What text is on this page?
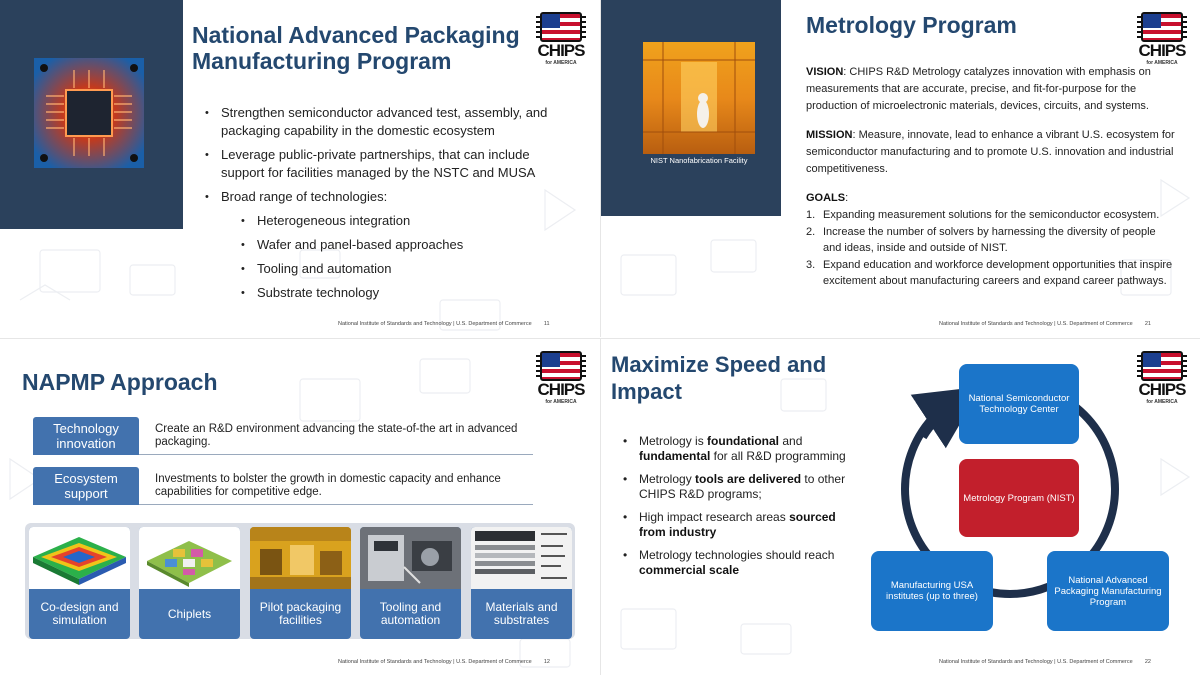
National Advanced Packaging Manufacturing Program	CHIPS
for AMERICA
• Strengthen semiconductor advanced test, assembly, and packaging capability in the domestic ecosystem
• Leverage public-private partnerships, that can include support for facilities managed by the NSTC and MUSA
• Broad range of technologies:
• Heterogeneous integration
• Wafer and panel-based approaches
• Tooling and automation
• Substrate technology
National Institute of Standards and Technology | U.S. Department of Commerce 11
NIST Nanofabrication Facility
Metrology Program
CHIPS
for AMERICA

VISION: CHIPS R&D Metrology catalyzes innovation with emphasis on measurements that are accurate, precise, and fit-for-purpose for the production of microelectronic materials, devices, circuits, and systems.

MISSION: Measure, innovate, lead to enhance a vibrant U.S. ecosystem for semiconductor manufacturing and to promote U.S. innovation and industrial competitiveness.

GOALS:
1. Expanding measurement solutions for the semiconductor ecosystem.
2. Increase the number of solvers by harnessing the diversity of people and ideas, inside and outside of NIST.
3. Expand education and workforce development opportunities that inspire excitement about manufacturing careers and expand career pathways.
National Institute of Standards and Technology | U.S. Department of Commerce 21
NAPMP Approach	CHIPS
for AMERICA
Technology innovation
Create an R&D environment advancing the state-of-the art in advanced packaging.
Ecosystem support
Investments to bolster the growth in domestic capacity and enhance capabilities for competitive edge.
Co-design and simulation	Chiplets	Pilot packaging facilities
Tooling and automation
Materials and substrates
National Institute of Standards and Technology | U.S. Department of Commerce 12
Maximize Speed and Impact	CHIPS
for AMERICA
• Metrology is foundational and fundamental for all R&D programming
• Metrology tools are delivered to other CHIPS R&D programs;
• High impact research areas sourced from industry
• Metrology technologies should reach commercial scale
National Semiconductor Technology Center
Metrology Program (NIST)
Manufacturing USA institutes (up to three)
National Advanced Packaging Manufacturing Program
National Institute of Standards and Technology | U.S. Department of Commerce 22
